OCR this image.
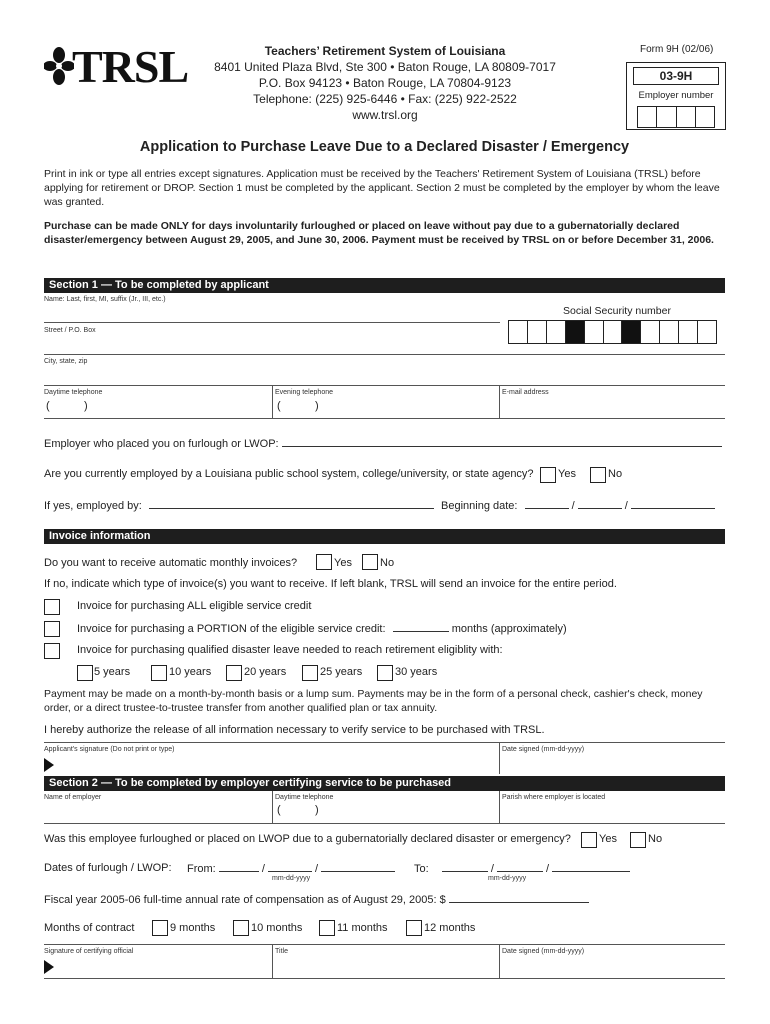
TRSL	Teachers’ Retirement System of Louisiana
8401 United Plaza Blvd, Ste 300 • Baton Rouge, LA 80809-7017
P.O. Box 94123 • Baton Rouge, LA 70804-9123
Telephone: (225) 925-6446 • Fax: (225) 922-2522
www.trsl.org
Form 9H (02/06)
03-9H
Employer number
Application to Purchase Leave Due to a Declared Disaster / Emergency
Print in ink or type all entries except signatures. Application must be received by the Teachers' Retirement System of Louisiana (TRSL) before applying for retirement or DROP. Section 1 must be completed by the applicant. Section 2 must be completed by the employer by whom the leave was granted.
Purchase can be made ONLY for days involuntarily furloughed or placed on leave without pay due to a gubernatorially declared disaster/emergency between August 29, 2005, and June 30, 2006. Payment must be received by TRSL on or before December 31, 2006.
Section 1 — To be completed by applicant
Name: Last, first, MI, suffix (Jr., III, etc.)
Social Security number
Street / P.O. Box
City, state, zip
Daytime telephone	Evening telephone	E-mail address
(	)	(	)
Employer who placed you on furlough or LWOP:
Are you currently employed by a Louisiana public school system, college/university, or state agency? Yes	No
If yes, employed by:	Beginning date:	/	/
Invoice information
Do you want to receive automatic monthly invoices?	Yes	No
If no, indicate which type of invoice(s) you want to receive. If left blank, TRSL will send an invoice for the entire period.
Invoice for purchasing ALL eligible service credit
Invoice for purchasing a PORTION of the eligible service credit:	months (approximately)
Invoice for purchasing qualified disaster leave needed to reach retirement eligiblity with:
5 years	10 years	20 years	25 years	30 years
Payment may be made on a month-by-month basis or a lump sum. Payments may be in the form of a personal check, cashier's check, money order, or a direct trustee-to-trustee transfer from another qualified plan or tax annuity.
I hereby authorize the release of all information necessary to verify service to be purchased with TRSL.
Applicant's signature (Do not print or type)	Date signed (mm-dd-yyyy)
Section 2 — To be completed by employer certifying service to be purchased
Name of employer	Daytime telephone	Parish where employer is located
(	)
Was this employee furloughed or placed on LWOP due to a gubernatorially declared disaster or emergency?	Yes	No
Dates of furlough / LWOP: From:	/	/
mm-dd-yyyy
To:	/	/
mm-dd-yyyy
Fiscal year 2005-06 full-time annual rate of compensation as of August 29, 2005: $
Months of contract	9 months	10 months	11 months	12 months
Signature of certifying official	Title	Date signed (mm-dd-yyyy)
